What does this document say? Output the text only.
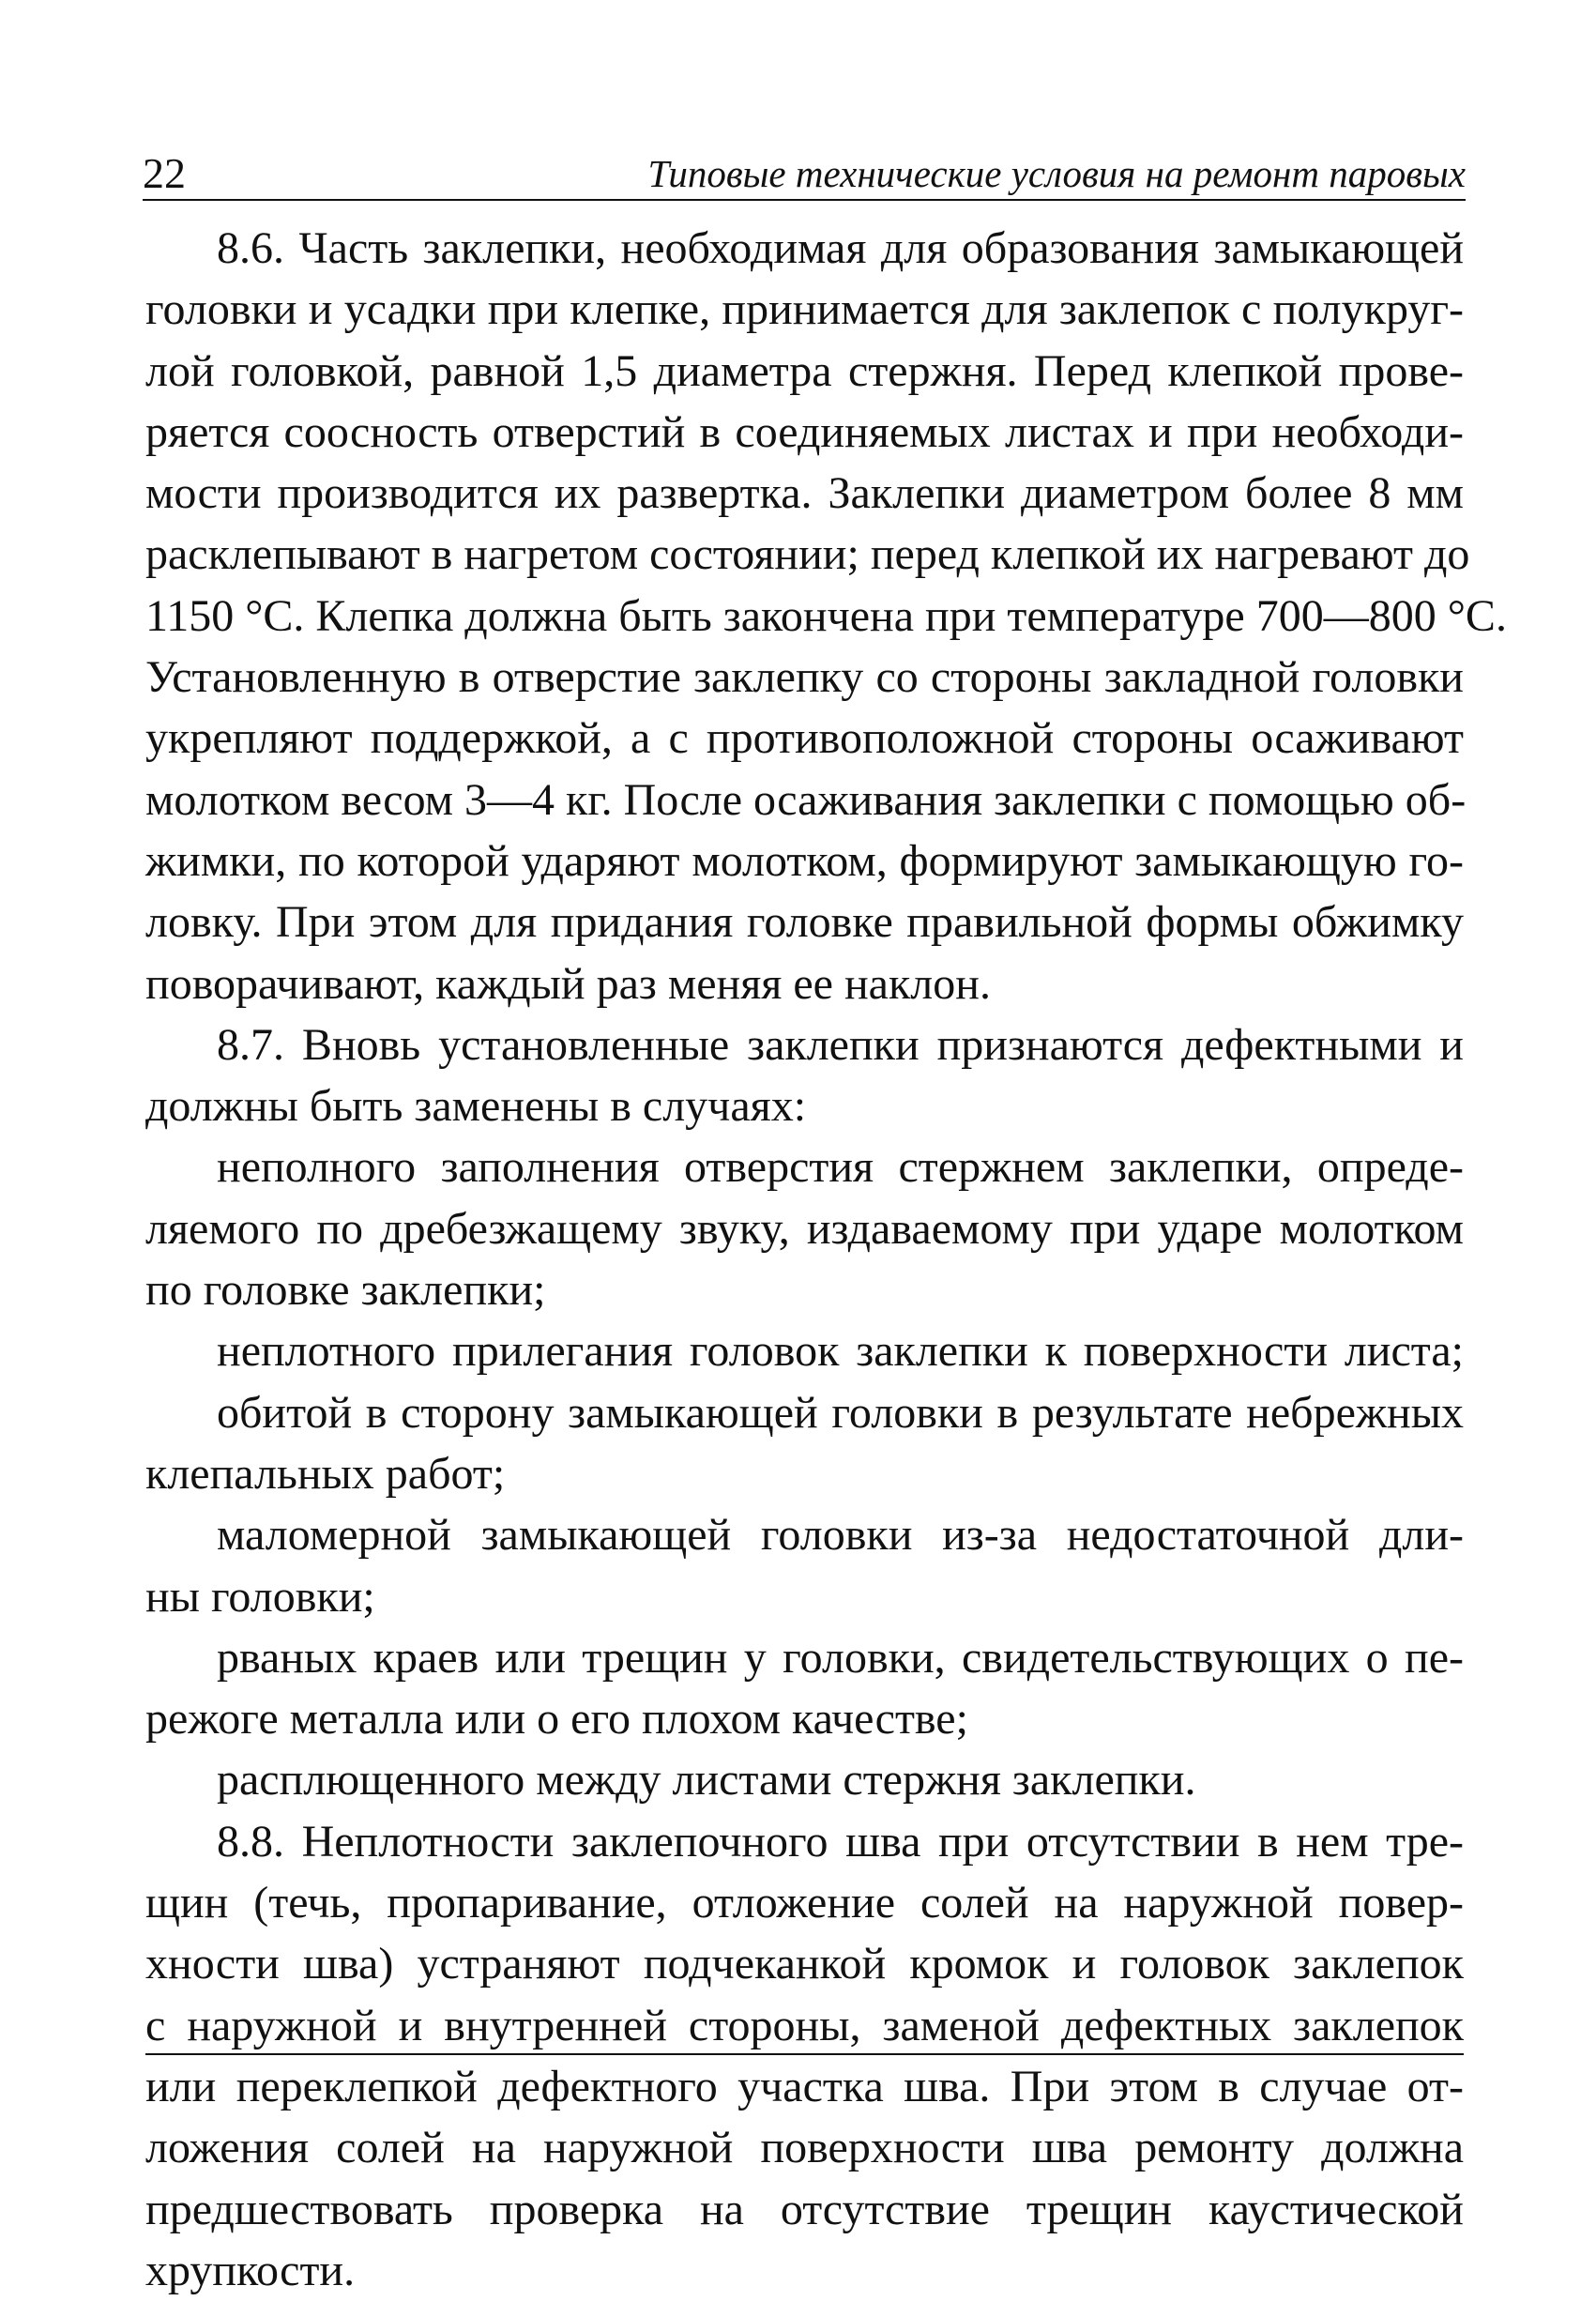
22	Типовые технические условия на ремонт паровых
8.6. Часть заклепки, необходимая для образования замыкающей
головки и усадки при клепке, принимается для заклепок с полукруг-
лой головкой, равной 1,5 диаметра стержня. Перед клепкой прове-
ряется соосность отверстий в соединяемых листах и при необходи-
мости производится их развертка. Заклепки диаметром более 8 мм
расклепывают в нагретом состоянии; перед клепкой их нагревают до
1150 °C. Клепка должна быть закончена при температуре 700—800 °C.
Установленную в отверстие заклепку со стороны закладной головки
укрепляют поддержкой, а с противоположной стороны осаживают
молотком весом 3—4 кг. После осаживания заклепки с помощью об-
жимки, по которой ударяют молотком, формируют замыкающую го-
ловку. При этом для придания головке правильной формы обжимку
поворачивают, каждый раз меняя ее наклон.
8.7. Вновь установленные заклепки признаются дефектными и
должны быть заменены в случаях:
неполного заполнения отверстия стержнем заклепки, опреде-
ляемого по дребезжащему звуку, издаваемому при ударе молотком
по головке заклепки;
неплотного прилегания головок заклепки к поверхности листа;
обитой в сторону замыкающей головки в результате небрежных
клепальных работ;
маломерной замыкающей головки из-за недостаточной дли-
ны головки;
рваных краев или трещин у головки, свидетельствующих о пе-
режоге металла или о его плохом качестве;
расплющенного между листами стержня заклепки.
8.8. Неплотности заклепочного шва при отсутствии в нем тре-
щин (течь, пропаривание, отложение солей на наружной повер-
хности шва) устраняют подчеканкой кромок и головок заклепок
с наружной и внутренней стороны, заменой дефектных заклепок
или переклепкой дефектного участка шва. При этом в случае от-
ложения солей на наружной поверхности шва ремонту должна
предшествовать проверка на отсутствие трещин каустической
хрупкости.
